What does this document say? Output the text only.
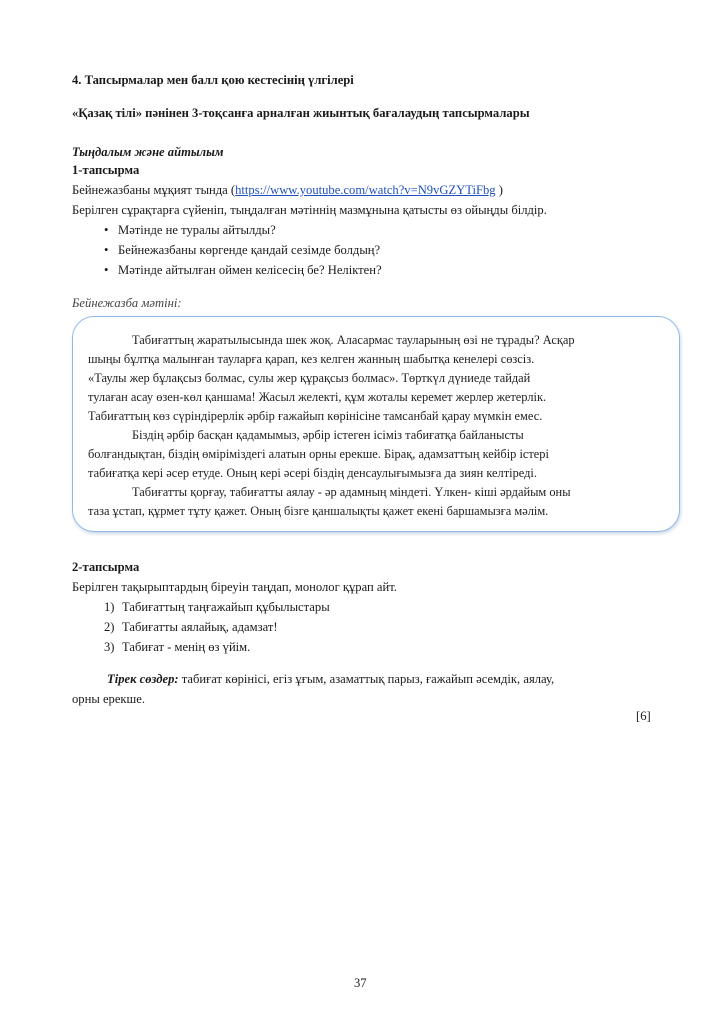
4. Тапсырмалар мен балл қою кестесінің үлгілері
«Қазақ тілі» пәнінен 3-тоқсанға арналған жиынтық бағалаудың тапсырмалары
Тыңдалым және айтылым
1-тапсырма
Бейнежазбаны мұқият тында (https://www.youtube.com/watch?v=N9vGZYTiFbg )
Берілген сұрақтарға сүйеніп, тыңдалған мәтіннің мазмұнына қатысты өз ойыңды білдір.
• Мәтінде не туралы айтылды?
• Бейнежазбаны көргенде қандай сезімде болдың?
• Мәтінде айтылған оймен келісесің бе? Неліктен?
Бейнежазба мәтіні:
Табиғаттың жаратылысында шек жоқ. Аласармас тауларының өзі не тұрады? Асқар
шыңы бұлтқа малынған тауларға қарап, кез келген жанның шабытқа кенелері сөзсіз.
«Таулы жер бұлақсыз болмас, сулы жер құрақсыз болмас». Төрткүл дүниеде тайдай
тулаған асау өзен-көл қаншама! Жасыл желекті, құм жоталы керемет жерлер жетерлік.
Табиғаттың көз сүріндірерлік әрбір ғажайып көрінісіне тамсанбай қарау мүмкін емес.
Біздің әрбір басқан қадамымыз, әрбір істеген ісіміз табиғатқа байланысты
болғандықтан, біздің өміріміздегі алатын орны ерекше. Бірақ, адамзаттың кейбір істері
табиғатқа кері әсер етуде. Оның кері әсері біздің денсаулығымызға да зиян келтіреді.
Табиғатты қорғау, табиғатты аялау - әр адамның міндеті. Үлкен- кіші әрдайым оны
таза ұстап, құрмет тұту қажет. Оның бізге қаншалықты қажет екені баршамызға мәлім.
2-тапсырма
Берілген тақырыптардың біреуін таңдап, монолог құрап айт.
1) Табиғаттың таңғажайып құбылыстары
2) Табиғатты аялайық, адамзат!
3) Табиғат - менің өз үйім.
Тірек сөздер: табиғат көрінісі, егіз ұғым, азаматтық парыз, ғажайып әсемдік, аялау,
орны ерекше.
[6]
37
